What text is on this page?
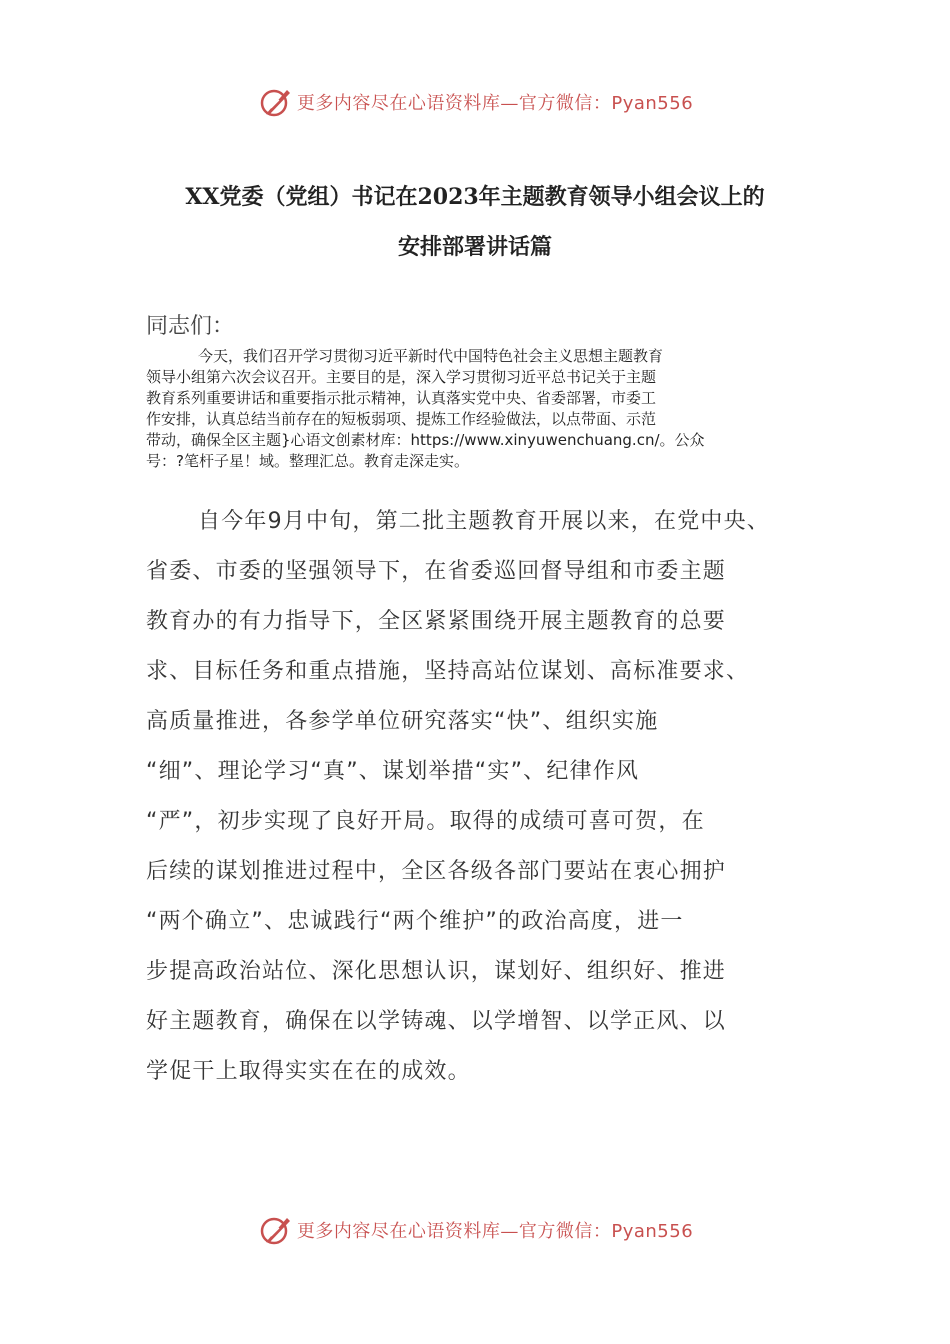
更多内容尽在心语资料库—官方微信：Pyan556
XX党委（党组）书记在2023年主题教育领导小组会议上的
安排部署讲话篇
同志们：
今天，我们召开学习贯彻习近平新时代中国特色社会主义思想主题教育
领导小组第六次会议召开。主要目的是，深入学习贯彻习近平总书记关于主题
教育系列重要讲话和重要指示批示精神，认真落实党中央、省委部署，市委工
作安排，认真总结当前存在的短板弱项、提炼工作经验做法，以点带面、示范
带动，确保全区主题}心语文创素材库：https://www.xinyuwenchuang.cn/。公众
号：?笔杆子星！域。整理汇总。教育走深走实。
自今年9月中旬，第二批主题教育开展以来，在党中央、
省委、市委的坚强领导下，在省委巡回督导组和市委主题
教育办的有力指导下，全区紧紧围绕开展主题教育的总要
求、目标任务和重点措施，坚持高站位谋划、高标准要求、
高质量推进，各参学单位研究落实“快”、组织实施
“细”、理论学习“真”、谋划举措“实”、纪律作风
“严”，初步实现了良好开局。取得的成绩可喜可贺，在
后续的谋划推进过程中，全区各级各部门要站在衷心拥护
“两个确立”、忠诚践行“两个维护”的政治高度，进一
步提高政治站位、深化思想认识，谋划好、组织好、推进
好主题教育，确保在以学铸魂、以学增智、以学正风、以
学促干上取得实实在在的成效。
更多内容尽在心语资料库—官方微信：Pyan556
